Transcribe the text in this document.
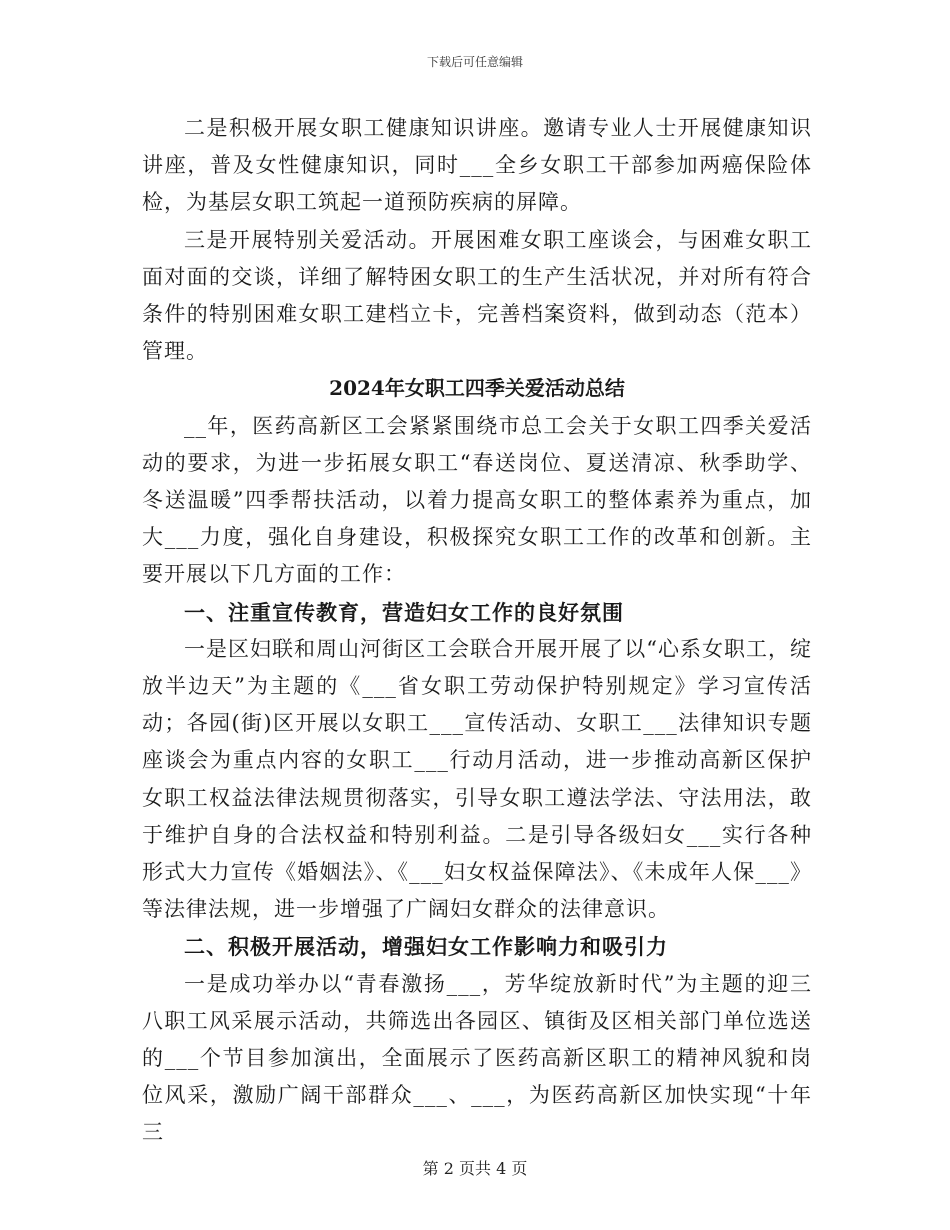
下载后可任意编辑

二是积极开展女职工健康知识讲座。邀请专业人士开展健康知识讲座，普及女性健康知识，同时___全乡女职工干部参加两癌保险体检，为基层女职工筑起一道预防疾病的屏障。

三是开展特别关爱活动。开展困难女职工座谈会，与困难女职工面对面的交谈，详细了解特困女职工的生产生活状况，并对所有符合条件的特别困难女职工建档立卡，完善档案资料，做到动态（范本）管理。

2024年女职工四季关爱活动总结

__年，医药高新区工会紧紧围绕市总工会关于女职工四季关爱活动的要求，为进一步拓展女职工“春送岗位、夏送清凉、秋季助学、冬送温暖”四季帮扶活动，以着力提高女职工的整体素养为重点，加大___力度，强化自身建设，积极探究女职工工作的改革和创新。主要开展以下几方面的工作：

一、注重宣传教育，营造妇女工作的良好氛围

一是区妇联和周山河街区工会联合开展开展了以“心系女职工，绽放半边天”为主题的《___省女职工劳动保护特别规定》学习宣传活动；各园(街)区开展以女职工___宣传活动、女职工___法律知识专题座谈会为重点内容的女职工___行动月活动，进一步推动高新区保护女职工权益法律法规贯彻落实，引导女职工遵法学法、守法用法，敢于维护自身的合法权益和特别利益。二是引导各级妇女___实行各种形式大力宣传《婚姻法》、《___妇女权益保障法》、《未成年人保___》等法律法规，进一步增强了广阔妇女群众的法律意识。

二、积极开展活动，增强妇女工作影响力和吸引力

一是成功举办以“青春激扬___，芳华绽放新时代”为主题的迎三八职工风采展示活动，共筛选出各园区、镇街及区相关部门单位选送的___个节目参加演出，全面展示了医药高新区职工的精神风貌和岗位风采，激励广阔干部群众___、___，为医药高新区加快实现“十年三

第 2 页共 4 页
